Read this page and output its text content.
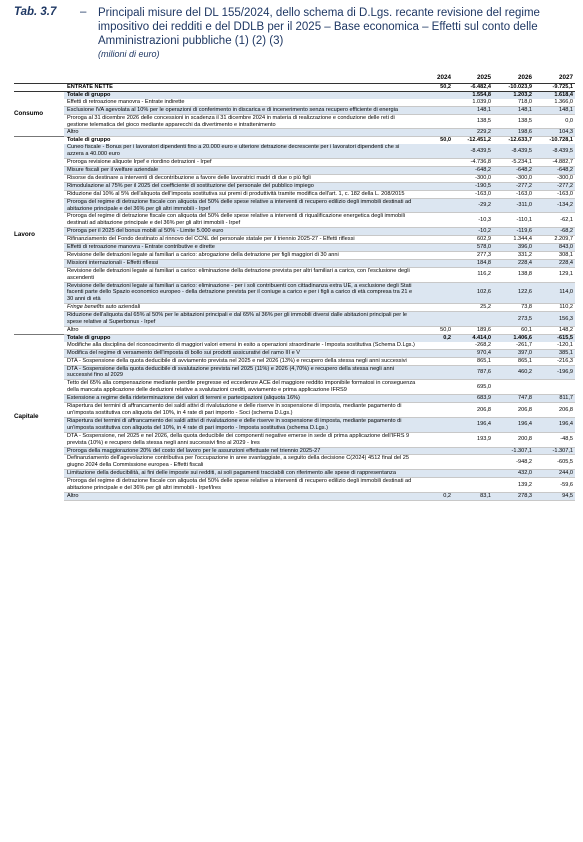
Tab. 3.7 – Principali misure del DL 155/2024, dello schema di D.Lgs. recante revisione del regime impositivo dei redditi e del DDLB per il 2025 – Base economica – Effetti sul conto delle Amministrazioni pubbliche (1) (2) (3)
(milioni di euro)
		2024	2025	2026	2027
	ENTRATE NETTE	50,2	-6.482,4	-10.023,9	-9.725,1
Consumo	Totale di gruppo		1.554,8	1.203,2	1.618,4
	Effetti di retroazione manovra - Entrate indirette		1.039,0	718,0	1.366,0
	Esclusione IVA agevolata al 10% per le operazioni di conferimento in discarica e di incenerimento senza recupero efficiente di energia		148,1	148,1	148,1
	Proroga al 31 dicembre 2026 delle concessioni in scadenza il 31 dicembre 2024 in materia di realizzazione e conduzione delle reti di gestione telematica del gioco mediante apparecchi da divertimento e intrattenimento		138,5	138,5	0,0
	Altro		229,2	198,6	104,3
Lavoro	Totale di gruppo	50,0	-12.451,2	-12.633,7	-10.728,1
	Cuneo fiscale - Bonus per i lavoratori dipendenti fino a 20.000 euro e ulteriore detrazione decrescente per i lavoratori dipendenti che si azzera a 40.000 euro		-8.439,5	-8.439,5	-8.439,5
	Proroga revisione aliquote Irpef e riordino detrazioni - Irpef		-4.736,8	-5.234,1	-4.882,7
	Misure fiscali per il welfare aziendale		-648,2	-648,2	-648,2
	Risorse da destinare a interventi di decontribuzione a favore delle lavoratrici madri di due o più figli		-300,0	-300,0	-300,0
	Rimodulazione al 75% per il 2025 del coefficiente di sostituzione del personale del pubblico impiego		-190,5	-277,2	-277,2
	Riduzione dal 10% al 5% dell'aliquota dell'imposta sostitutiva sui premi di produttività tramite modifica dell'art. 1, c. 182 della L. 208/2015		-163,0	-163,0	-163,0
	Proroga del regime di detrazione fiscale con aliquota del 50% delle spese relative a interventi di recupero edilizio degli immobili destinati ad abitazione principale e del 36% per gli altri immobili - Irpef		-29,2	-311,0	-134,2
	Proroga del regime di detrazione fiscale con aliquota del 50% delle spese relative a interventi di riqualificazione energetica degli immobili destinati ad abitazione principale e del 36% per gli altri immobili - Irpef		-10,3	-110,1	-62,1
	Proroga per il 2025 del bonus mobili al 50% - Limite 5.000 euro		-10,2	-119,6	-68,2
	Rifinanziamento del Fondo destinato al rinnovo del CCNL del personale statale per il triennio 2025-27 - Effetti riflessi		602,9	1.344,4	2.209,7
	Effetti di retroazione manovra - Entrate contributive e dirette		578,0	396,0	843,0
	Revisione delle detrazioni legate ai familiari a carico: abrogazione della detrazione per figli maggiori di 30 anni		277,3	331,2	308,1
	Missioni internazionali - Effetti riflessi		184,8	228,4	228,4
	Revisione delle detrazioni legate ai familiari a carico: eliminazione della detrazione prevista per altri familiari a carico, con l'esclusione degli ascendenti		116,2	138,8	129,1
	Revisione delle detrazioni legate ai familiari a carico: eliminazione - per i soli contribuenti con cittadinanza extra UE, a esclusione degli Stati facenti parte dello Spazio economico europeo - della detrazione prevista per il coniuge a carico e per i figli a carico di età compresa tra 21 e 30 anni di età		102,6	122,6	114,0
	Fringe benefits auto aziendali		25,2	73,8	110,2
	Riduzione dell'aliquota dal 65% al 50% per le abitazioni principali e dal 65% al 36% per gli immobili diversi dalle abitazioni principali per le spese relative al Superbonus - Irpef			273,5	156,3
	Altro	50,0	189,6	60,1	148,2
Capitale	Totale di gruppo	0,2	4.414,0	1.406,6	-615,5
	Modifiche alla disciplina del riconoscimento di maggiori valori emersi in esito a operazioni straordinarie - Imposta sostitutiva (Schema D.Lgs.)		-268,2	-261,7	-120,1
	Modifica del regime di versamento dell'imposta di bollo sui prodotti assicurativi del ramo III e V		970,4	397,0	385,1
	DTA - Sospensione della quota deducibile di avviamento prevista nel 2025 e nel 2026 (13%) e recupero della stessa negli anni successivi		865,1	865,1	-216,3
	DTA - Sospensione della quota deducibile di svalutazione prevista nel 2025 (11%) e 2026 (4,70%) e recupero della stessa negli anni successivi fino al 2029		787,6	460,2	-196,9
	Tetto del 65% alla compensazione mediante perdite pregresse ed eccedenze ACE del maggiore reddito imponibile formatosi in conseguenza della mancata applicazione delle deduzioni relative a svalutazioni crediti, avviamento e prima applicazione IFRS9		695,0		
	Estensione a regime della rideterminazione dei valori di terreni e partecipazioni (aliquota 16%)		683,9	747,8	811,7
	Riapertura dei termini di affrancamento dei saldi attivi di rivalutazione e delle riserve in sospensione di imposta, mediante pagamento di un'imposta sostitutiva con aliquota del 10%, in 4 rate di pari importo - Soci (schema D.Lgs.)		206,8	206,8	206,8
	Riapertura dei termini di affrancamento dei saldi attivi di rivalutazione e delle riserve in sospensione di imposta, mediante pagamento di un'imposta sostitutiva con aliquota del 10%, in 4 rate di pari importo - Imposta sostitutiva (schema D.Lgs.)		196,4	196,4	196,4
	DTA - Sospensione, nel 2025 e nel 2026, della quota deducibile dei componenti negative emerse in sede di prima applicazione dell'IFRS 9 prevista (10%) e recupero della stessa negli anni successivi fino al 2029 - Ires		193,9	200,8	-48,5
	Proroga della maggiorazione 20% del costo del lavoro per le assunzioni effettuate nel triennio 2025-27			-1.307,1	-1.307,1
	Definanziamento dell'agevolazione contributiva per l'occupazione in aree svantaggiate, a seguito della decisione C(2024) 4512 final del 25 giugno 2024 della Commissione europea - Effetti fiscali			-948,2	-605,5
	Limitazione della deducibilità, ai fini delle imposte sui redditi, ai soli pagamenti tracciabili con riferimento alle spese di rappresentanza			432,0	244,0
	Proroga del regime di detrazione fiscale con aliquota del 50% delle spese relative a interventi di recupero edilizio degli immobili destinati ad abitazione principale e del 36% per gli altri immobili - Irpef/Ires			139,2	-59,6
	Altro	0,2	83,1	278,3	94,5
